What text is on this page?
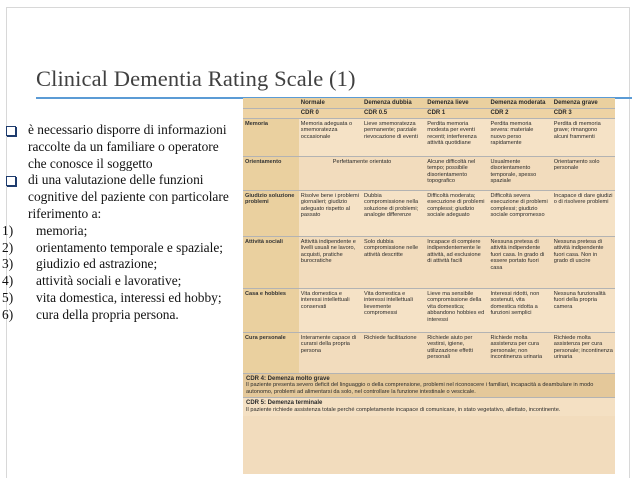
Clinical Dementia Rating Scale (1)
è necessario disporre di informazioni raccolte da un familiare o operatore che conosce il soggetto
di una valutazione delle funzioni cognitive del paziente con particolare riferimento a:
1)	memoria;
2)	orientamento temporale e spaziale;
3)	giudizio ed astrazione;
4)	attività sociali e lavorative;
5)	vita domestica, interessi ed hobby;
6)	cura della propria persona.
	Normale	Demenza dubbia	Demenza lieve	Demenza moderata	Demenza grave
	CDR 0	CDR 0.5	CDR 1	CDR 2	CDR 3
Memoria	Memoria adeguata o smemoratezza occasionale	Lieve smemoratezza permanente; parziale rievocazione di eventi	Perdita memoria modesta per eventi recenti; interferenza attività quotidiane	Perdita memoria severa: materiale nuovo perso rapidamente	Perdita di memoria grave; rimangono alcuni frammenti
Orientamento	Perfettamente orientato		Alcune difficoltà nel tempo; possibile disorientamento topografico	Usualmente disorientamento temporale, spesso spaziale	Orientamento solo personale
Giudizio soluzione problemi	Risolve bene i problemi giornalieri; giudizio adeguato rispetto al passato	Dubbia compromissione nella soluzione di problemi; analogie differenze	Difficoltà moderata; esecuzione di problemi complessi; giudizio sociale adeguato	Difficoltà severa esecuzione di problemi complessi; giudizio sociale compromesso	Incapace di dare giudizi o di risolvere problemi
Attività sociali	Attività indipendente e livelli usuali ne lavoro, acquisti, pratiche burocratiche	Solo dubbia compromissione nelle attività descritte	Incapace di compiere indipendentemente le attività, ad esclusione di attività facili	Nessuna pretesa di attività indipendente fuori casa. In grado di essere portato fuori casa	Nessuna pretesa di attività indipendente fuori casa. Non in grado di uscire
Casa e hobbies	Vita domestica e interessi intellettuali conservati	Vita domestica e interessi intellettuali lievemente compromessi	Lieve ma sensibile compromissione della vita domestica; abbandono hobbies ed interessi	Interessi ridotti, non sostenuti, vita domestica ridotta a funzioni semplici	Nessuna funzionalità fuori della propria camera
Cura personale	Interamente capace di curarsi della propria persona	Richiede facilitazione	Richiede aiuto per vestirsi, igiene, utilizzazione effetti personali	Richiede molta assistenza per cura personale; non incontinenza urinaria	Richiede molta assistenza per cura personale; incontinenza urinaria
CDR 4: Demenza molto grave
Il paziente presenta severo deficit del linguaggio o della comprensione, problemi nel riconoscere i familiari, incapacità a deambulare in modo autonomo, problemi ad alimentarsi da solo, nel controllare la funzione intestinale o vescicale.
CDR 5: Demenza terminale
Il paziente richiede assistenza totale perché completamente incapace di comunicare, in stato vegetativo, allettato, incontinente.
